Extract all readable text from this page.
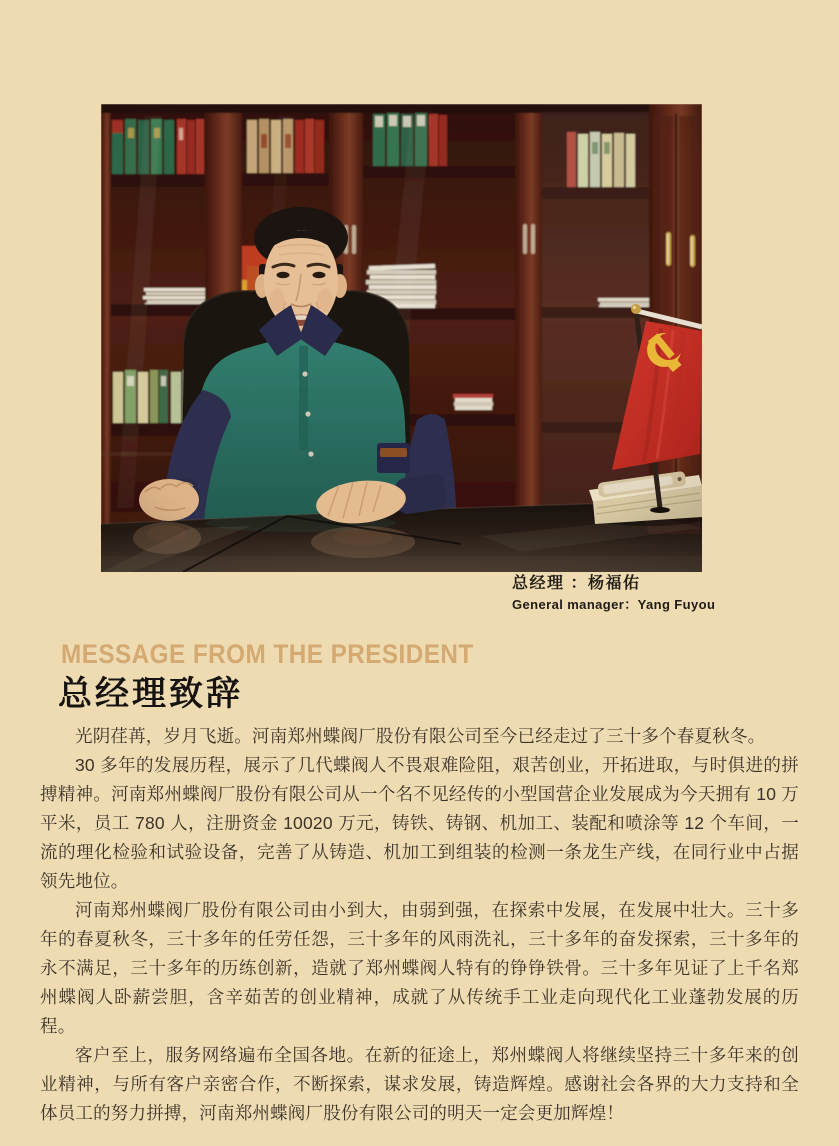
总经理 ：杨福佑
General manager：Yang Fuyou
MESSAGE FROM THE PRESIDENT
总经理致辞

光阴荏苒，岁月飞逝。河南郑州蝶阀厂股份有限公司至今已经走过了三十多个春夏秋冬。

30 多年的发展历程，展示了几代蝶阀人不畏艰难险阻，艰苦创业，开拓进取，与时俱进的拼搏精神。河南郑州蝶阀厂股份有限公司从一个名不见经传的小型国营企业发展成为今天拥有 10 万平米，员工 780 人，注册资金 10020 万元，铸铁、铸钢、机加工、装配和喷涂等 12 个车间，一流的理化检验和试验设备，完善了从铸造、机加工到组装的检测一条龙生产线，在同行业中占据领先地位。

河南郑州蝶阀厂股份有限公司由小到大，由弱到强，在探索中发展，在发展中壮大。三十多年的春夏秋冬，三十多年的任劳任怨，三十多年的风雨洗礼，三十多年的奋发探索，三十多年的永不满足，三十多年的历练创新，造就了郑州蝶阀人特有的铮铮铁骨。三十多年见证了上千名郑州蝶阀人卧薪尝胆，含辛茹苦的创业精神，成就了从传统手工业走向现代化工业蓬勃发展的历程。

客户至上，服务网络遍布全国各地。在新的征途上，郑州蝶阀人将继续坚持三十多年来的创业精神，与所有客户亲密合作，不断探索，谋求发展，铸造辉煌。感谢社会各界的大力支持和全体员工的努力拼搏，河南郑州蝶阀厂股份有限公司的明天一定会更加辉煌！
